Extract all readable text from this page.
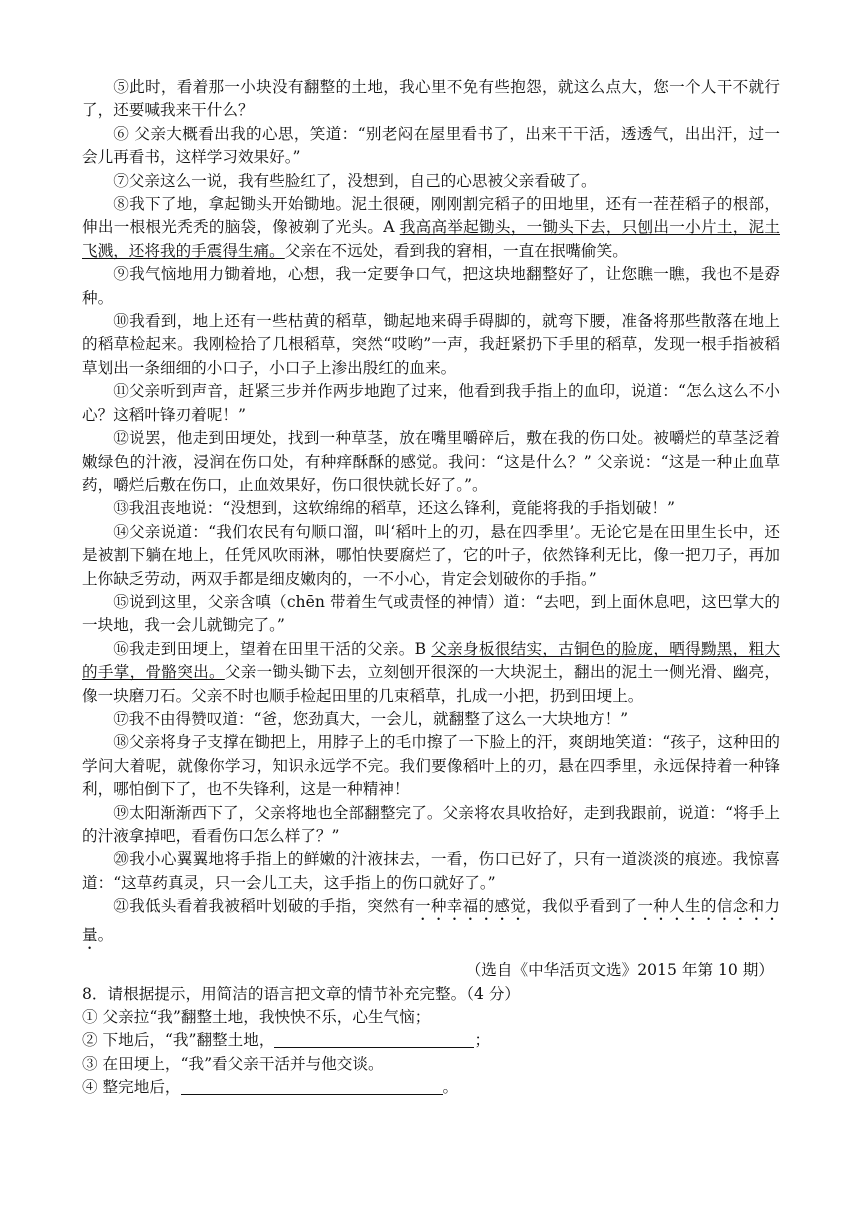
⑤此时，看着那一小块没有翻整的土地，我心里不免有些抱怨，就这么点大，您一个人干不就行了，还要喊我来干什么？

⑥ 父亲大概看出我的心思，笑道：“别老闷在屋里看书了，出来干干活，透透气，出出汗，过一会儿再看书，这样学习效果好。”

⑦父亲这么一说，我有些脸红了，没想到，自己的心思被父亲看破了。

⑧我下了地，拿起锄头开始锄地。泥土很硬，刚刚割完稻子的田地里，还有一茬茬稻子的根部，伸出一根根光秃秃的脑袋，像被剃了光头。A 我高高举起锄头，一锄头下去，只刨出一小片土，泥土飞溅，还将我的手震得生痛。父亲在不远处，看到我的窘相，一直在抿嘴偷笑。

⑨我气恼地用力锄着地，心想，我一定要争口气，把这块地翻整好了，让您瞧一瞧，我也不是孬种。

⑩我看到，地上还有一些枯黄的稻草，锄起地来碍手碍脚的，就弯下腰，准备将那些散落在地上的稻草检起来。我刚检拾了几根稻草，突然“哎哟”一声，我赶紧扔下手里的稻草，发现一根手指被稻草划出一条细细的小口子，小口子上渗出殷红的血来。

⑪父亲听到声音，赶紧三步并作两步地跑了过来，他看到我手指上的血印，说道：“怎么这么不小心？这稻叶锋刃着呢！”

⑫说罢，他走到田埂处，找到一种草茎，放在嘴里嚼碎后，敷在我的伤口处。被嚼烂的草茎泛着嫩绿色的汁液，浸润在伤口处，有种痒酥酥的感觉。我问：“这是什么？” 父亲说：“这是一种止血草药，嚼烂后敷在伤口，止血效果好，伤口很快就长好了。”。

⑬我沮丧地说：“没想到，这软绵绵的稻草，还这么锋利，竟能将我的手指划破！”

⑭父亲说道：“我们农民有句顺口溜，叫‘稻叶上的刃，悬在四季里’。无论它是在田里生长中，还是被割下躺在地上，任凭风吹雨淋，哪怕快要腐烂了，它的叶子，依然锋利无比，像一把刀子，再加上你缺乏劳动，两双手都是细皮嫩肉的，一不小心，肯定会划破你的手指。”

⑮说到这里，父亲含嗔（chēn 带着生气或责怪的神情）道：“去吧，到上面休息吧，这巴掌大的一块地，我一会儿就锄完了。”

⑯我走到田埂上，望着在田里干活的父亲。B 父亲身板很结实，古铜色的脸庞，晒得黝黑，粗大的手掌，骨骼突出。父亲一锄头锄下去，立刻刨开很深的一大块泥土，翻出的泥土一侧光滑、幽亮，像一块磨刀石。父亲不时也顺手检起田里的几束稻草，扎成一小把，扔到田埂上。

⑰我不由得赞叹道：“爸，您劲真大，一会儿，就翻整了这么一大块地方！”

⑱父亲将身子支撑在锄把上，用脖子上的毛巾擦了一下脸上的汗，爽朗地笑道：“孩子，这种田的学问大着呢，就像你学习，知识永远学不完。我们要像稻叶上的刃，悬在四季里，永远保持着一种锋利，哪怕倒下了，也不失锋利，这是一种精神！

⑲太阳渐渐西下了，父亲将地也全部翻整完了。父亲将农具收拾好，走到我跟前，说道：“将手上的汁液拿掉吧，看看伤口怎么样了？”

⑳我小心翼翼地将手指上的鲜嫩的汁液抹去，一看，伤口已好了，只有一道淡淡的痕迹。我惊喜道：“这草药真灵，只一会儿工夫，这手指上的伤口就好了。”

㉑我低头看着我被稻叶划破的手指，突然有一种幸福的感觉，我似乎看到了一种人生的信念和力量。

（选自《中华活页文选》2015 年第 10 期）

8．请根据提示，用简洁的语言把文章的情节补充完整。（4 分）

① 父亲拉“我”翻整土地，我怏怏不乐，心生气恼；

② 下地后，“我”翻整土地，	；

③ 在田埂上，“我”看父亲干活并与他交谈。

④ 整完地后，	。
